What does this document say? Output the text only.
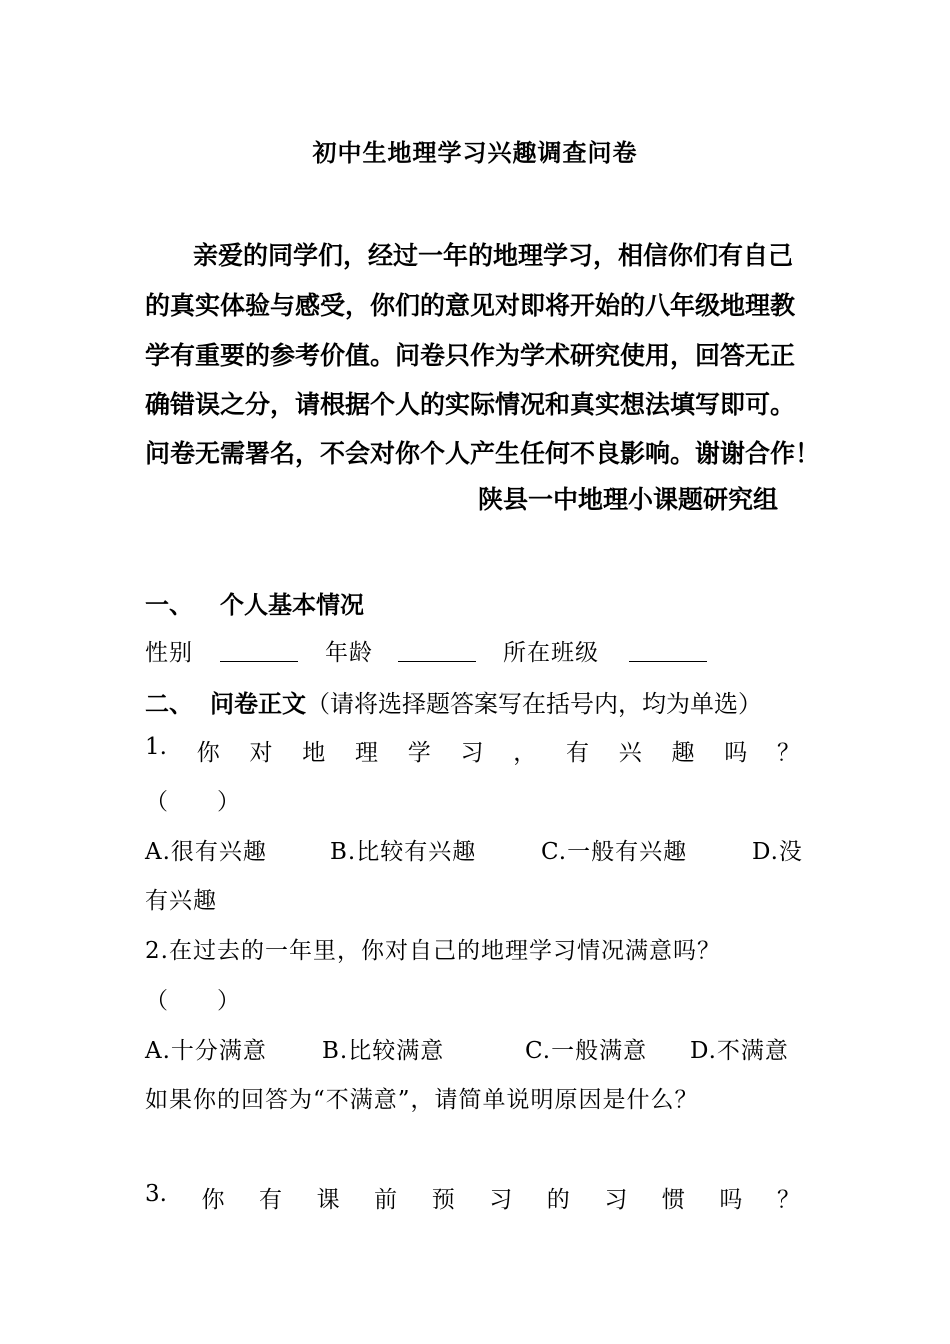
初中生地理学习兴趣调查问卷
亲爱的同学们，经过一年的地理学习，相信你们有自己
的真实体验与感受，你们的意见对即将开始的八年级地理教
学有重要的参考价值。问卷只作为学术研究使用，回答无正
确错误之分，请根据个人的实际情况和真实想法填写即可。
问卷无需署名，不会对你个人产生任何不良影响。谢谢合作！
陕县一中地理小课题研究组
一、 个人基本情况
性别	年龄	所在班级
二、 问卷正文（请将选择题答案写在括号内，均为单选）
1. 你 对 地 理 学 习 ， 有 兴 趣 吗 ？
（　　）
A.很有兴趣	B.比较有兴趣	C.一般有兴趣	D.没
有兴趣
2.在过去的一年里，你对自己的地理学习情况满意吗？
（　　）
A.十分满意 B.比较满意	C.一般满意 D.不满意
如果你的回答为“不满意”，请简单说明原因是什么？
3. 你 有 课 前 预 习 的 习 惯 吗 ？
